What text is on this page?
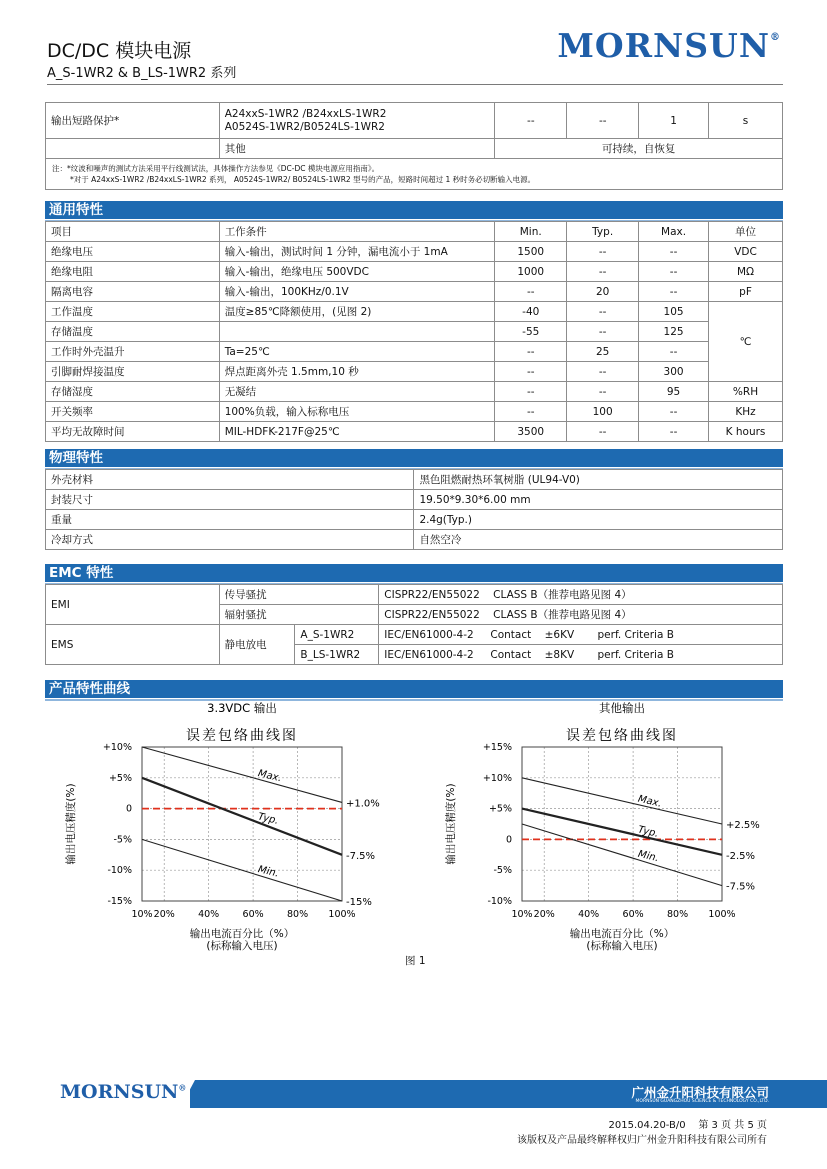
DC/DC 模块电源
A_S-1WR2 & B_LS-1WR2 系列
MORNSUN®
输出短路保护*	A24xxS-1WR2 /B24xxLS-1WR2
A0524S-1WR2/B0524LS-1WR2	--	--	1	s
	其他	可持续，自恢复			

注：*纹波和噪声的测试方法采用平行线测试法，具体操作方法参见《DC-DC 模块电源应用指南》。
*对于 A24xxS-1WR2 /B24xxLS-1WR2 系列， A0524S-1WR2/ B0524LS-1WR2 型号的产品，短路时间超过 1 秒时务必切断输入电源。					
通用特性
项目	工作条件	Min.	Typ.	Max.	单位
绝缘电压	输入-输出，测试时间 1 分钟，漏电流小于 1mA	1500	--	--	VDC
绝缘电阻	输入-输出，绝缘电压 500VDC	1000	--	--	MΩ
隔离电容	输入-输出，100KHz/0.1V	--	20	--	pF
工作温度	温度≥85℃降额使用，(见图 2)	-40	--	105	℃
存储温度		-55	--	125	
工作时外壳温升	Ta=25℃	--	25	--	
引脚耐焊接温度	焊点距离外壳 1.5mm,10 秒	--	--	300	
存储湿度	无凝结	--	--	95	%RH
开关频率	100%负载，输入标称电压	--	100	--	KHz
平均无故障时间	MIL-HDFK-217F@25℃	3500	--	--	K hours
物理特性
外壳材料	黑色阻燃耐热环氧树脂 (UL94-V0)
封装尺寸	19.50*9.30*6.00 mm
重量	2.4g(Typ.)
冷却方式	自然空冷
EMC 特性
EMI	传导骚扰		CISPR22/EN55022    CLASS B（推荐电路见图 4）
	辐射骚扰		CISPR22/EN55022    CLASS B（推荐电路见图 4）
EMS	静电放电	A_S-1WR2	IEC/EN61000-4-2     Contact    ±6KV       perf. Criteria B
		B_LS-1WR2	IEC/EN61000-4-2     Contact    ±8KV       perf. Criteria B
产品特性曲线
3.3VDC 输出
误差包络曲线图
10% 20% 40% 60% 80% 100%
+10%
+5%
0
-5%
-10%
-15%
Max.
+1.0%
Typ.
-7.5%
Min.
-15%
输出电压精度(%)
输出电流百分比（%）
(标称输入电压)
其他输出
误差包络曲线图
10% 20% 40% 60% 80% 100%
+15%
+10%
+5%
0
-5%
-10%
Max.
+2.5%
Typ.
-2.5%
Min.
-7.5%
输出电压精度(%)
输出电流百分比（%）
(标称输入电压)
图 1
MORNSUN®	广州金升阳科技有限公司
MORNSUN GUANGZHOU SCIENCE & TECHNOLOGY CO.,LTD.
2015.04.20-B/0 第 3 页 共 5 页
该版权及产品最终解释权归广州金升阳科技有限公司所有
